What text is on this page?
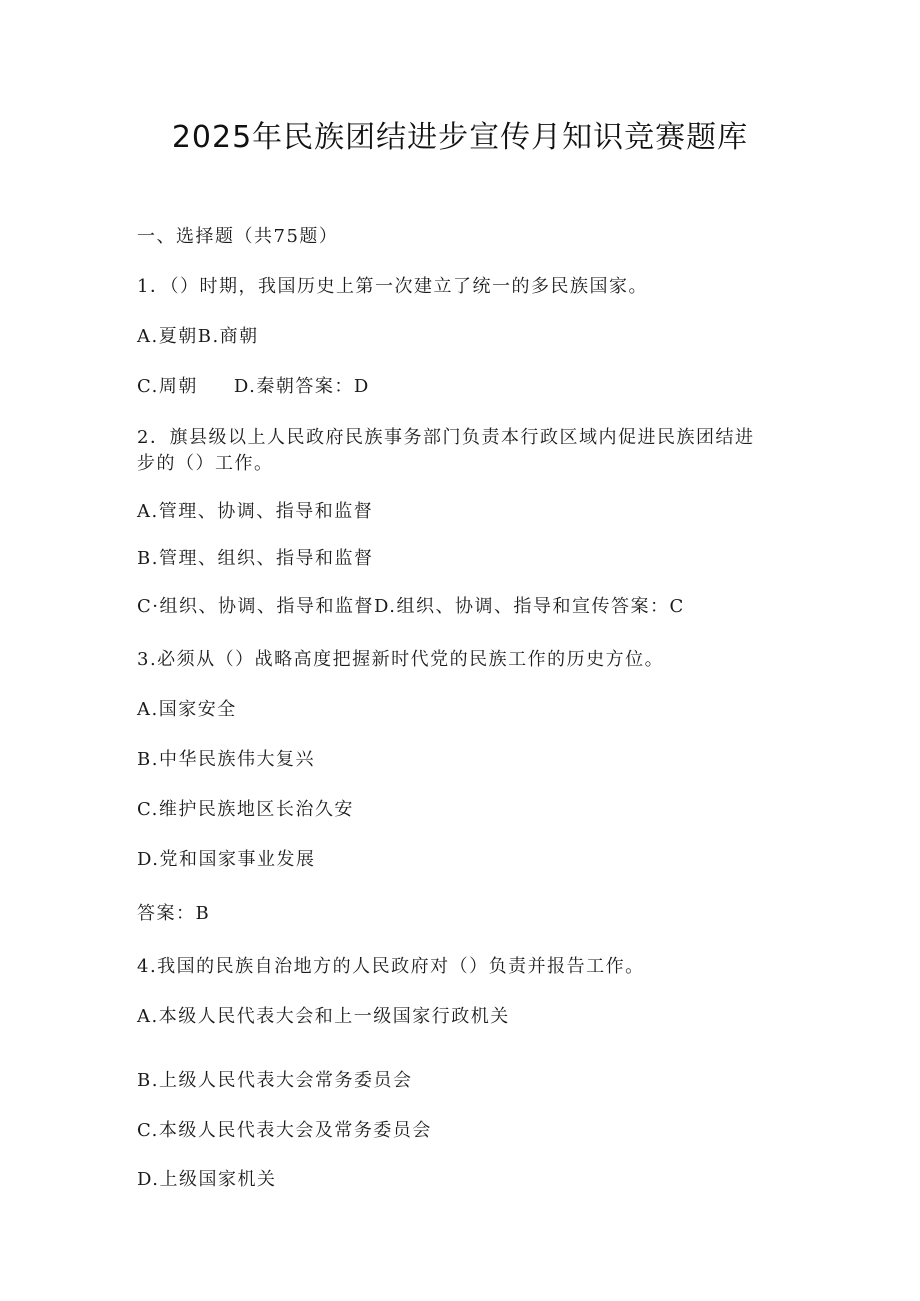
2025年民族团结进步宣传月知识竞赛题库
一、选择题（共75题）
1．（）时期，我国历史上第一次建立了统一的多民族国家。
A.夏朝B.商朝
C.周朝 D.秦朝答案：D
2．旗县级以上人民政府民族事务部门负责本行政区域内促进民族团结进
步的（）工作。
A.管理、协调、指导和监督
B.管理、组织、指导和监督
C·组织、协调、指导和监督D.组织、协调、指导和宣传答案：C
3.必须从（）战略高度把握新时代党的民族工作的历史方位。
A.国家安全
B.中华民族伟大复兴
C.维护民族地区长治久安
D.党和国家事业发展
答案：B
4.我国的民族自治地方的人民政府对（）负责并报告工作。
A.本级人民代表大会和上一级国家行政机关
B.上级人民代表大会常务委员会
C.本级人民代表大会及常务委员会
D.上级国家机关
